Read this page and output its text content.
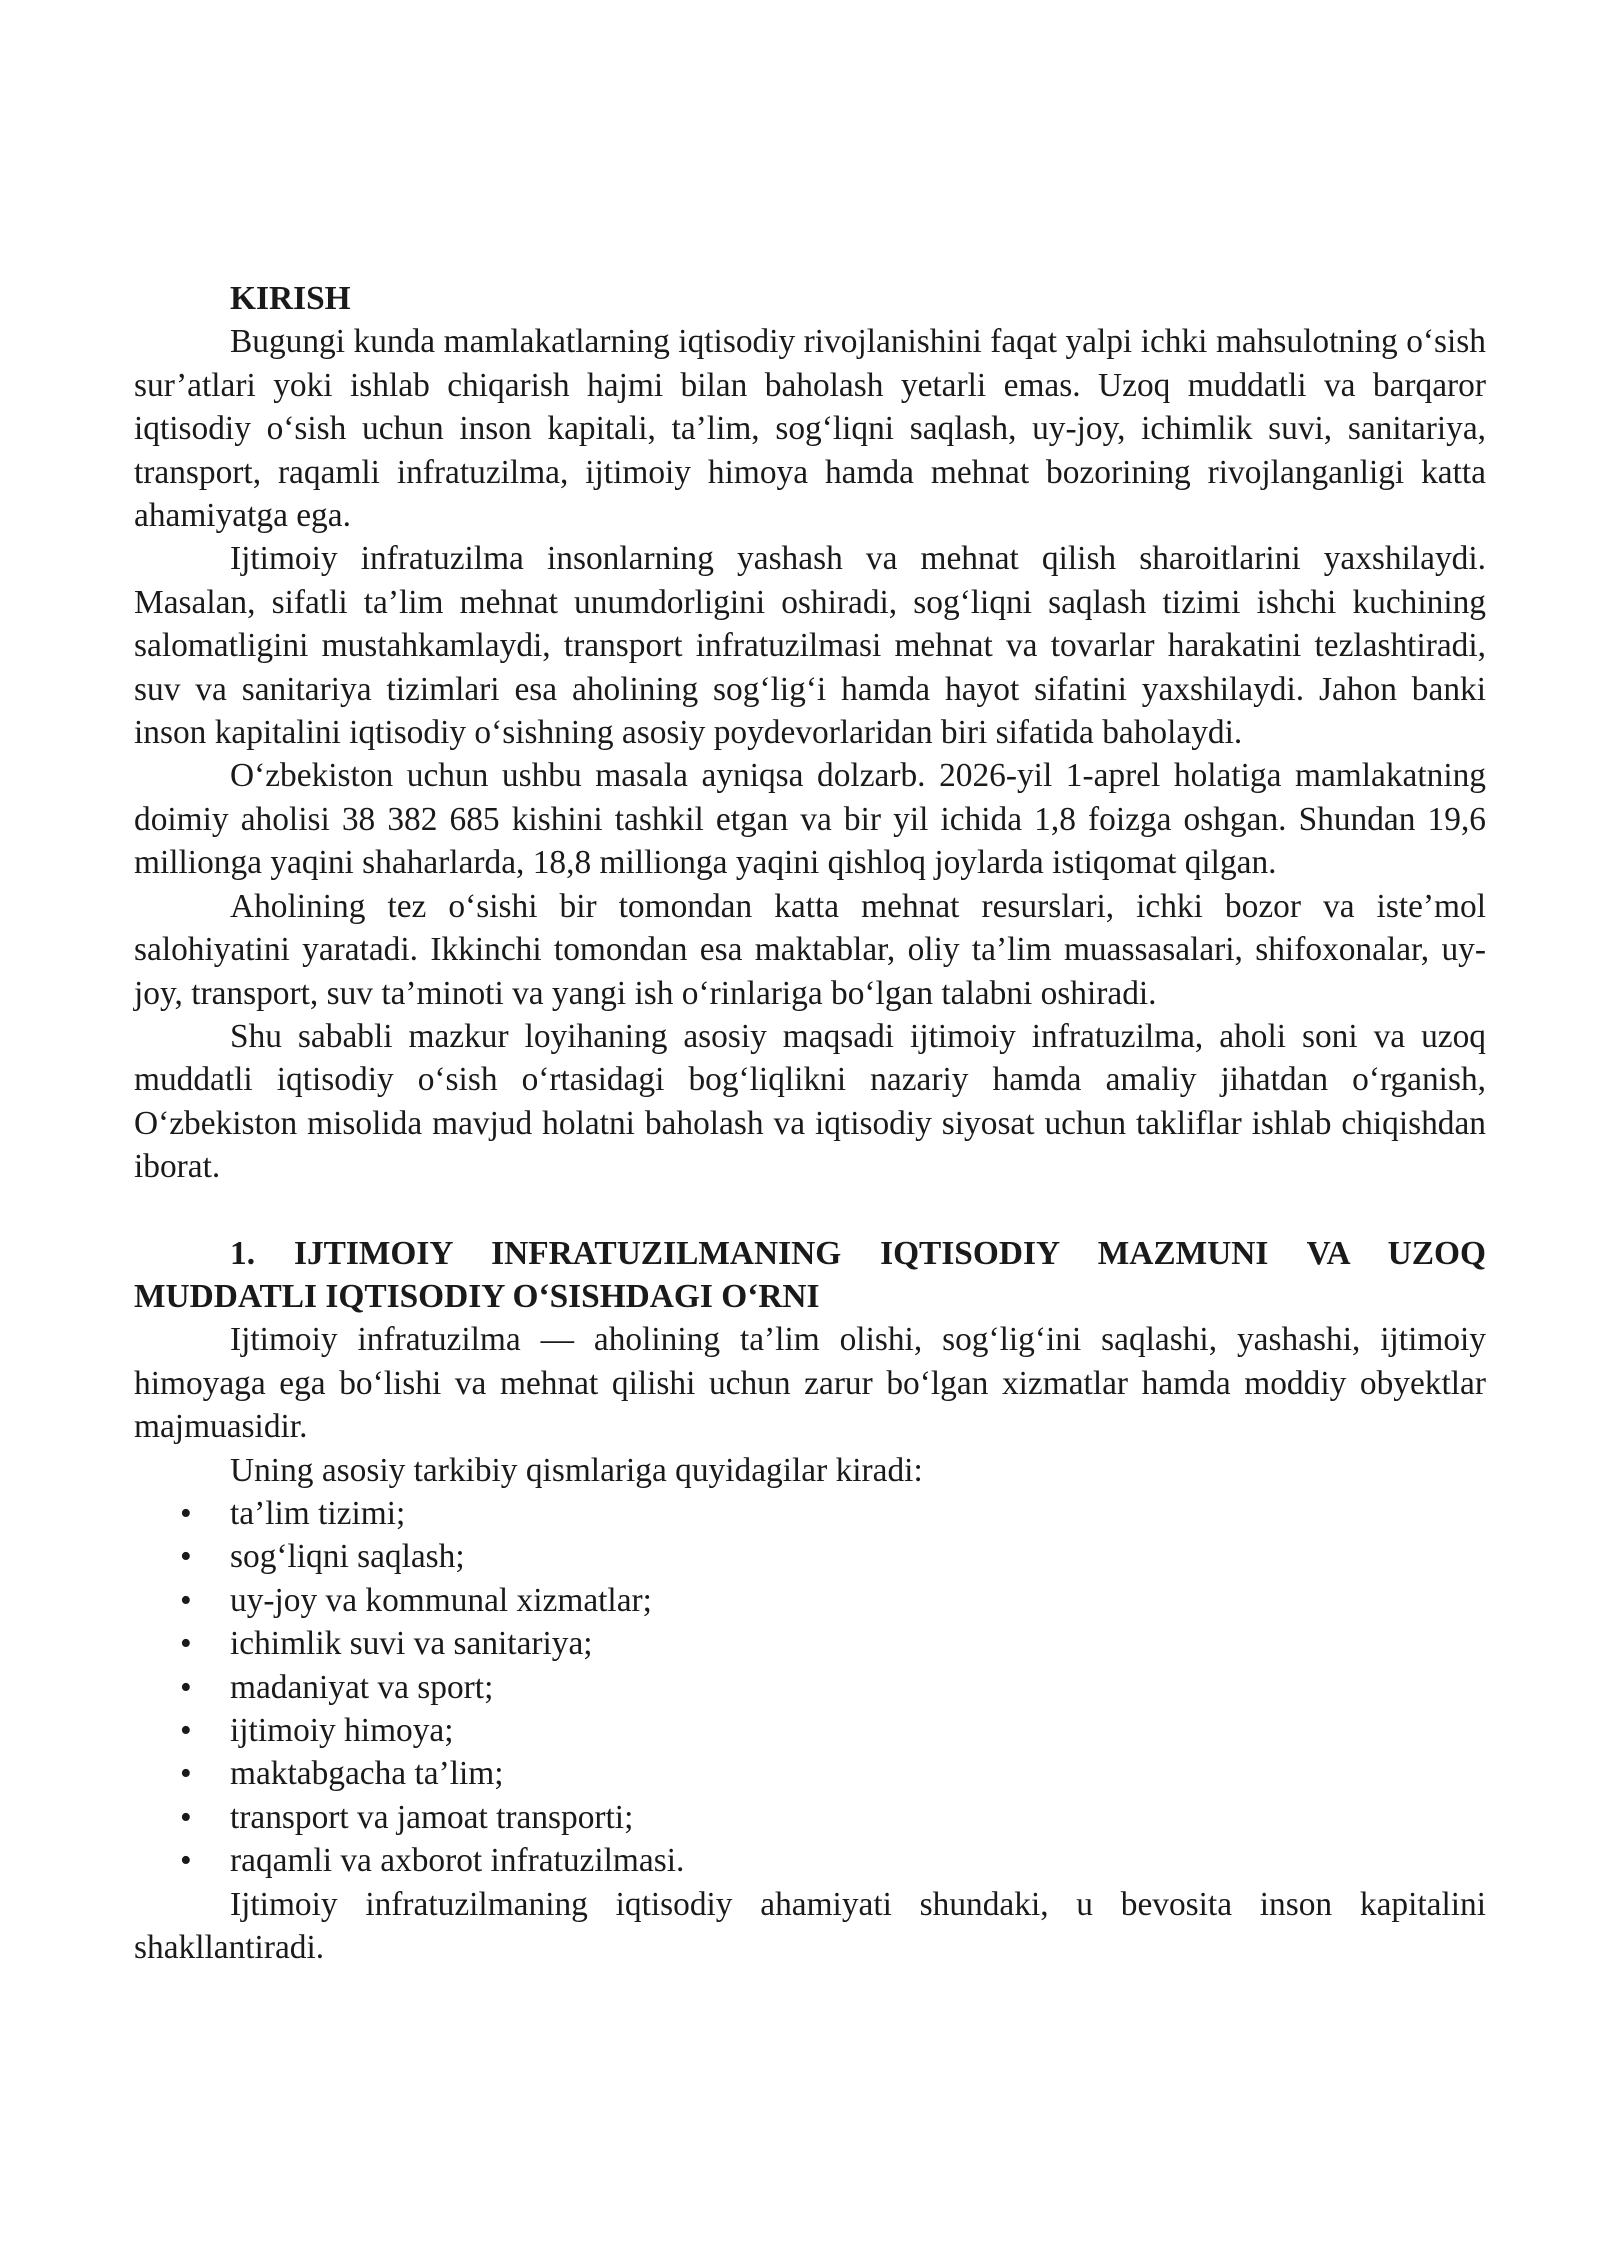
KIRISH

Bugungi kunda mamlakatlarning iqtisodiy rivojlanishini faqat yalpi ichki mahsulotning o‘sish sur’atlari yoki ishlab chiqarish hajmi bilan baholash yetarli emas. Uzoq muddatli va barqaror iqtisodiy o‘sish uchun inson kapitali, ta’lim, sog‘liqni saqlash, uy-joy, ichimlik suvi, sanitariya, transport, raqamli infratuzilma, ijtimoiy himoya hamda mehnat bozorining rivojlanganligi katta ahamiyatga ega.

Ijtimoiy infratuzilma insonlarning yashash va mehnat qilish sharoitlarini yaxshilaydi. Masalan, sifatli ta’lim mehnat unumdorligini oshiradi, sog‘liqni saqlash tizimi ishchi kuchining salomatligini mustahkamlaydi, transport infratuzilmasi mehnat va tovarlar harakatini tezlashtiradi, suv va sanitariya tizimlari esa aholining sog‘lig‘i hamda hayot sifatini yaxshilaydi. Jahon banki inson kapitalini iqtisodiy o‘sishning asosiy poydevorlaridan biri sifatida baholaydi.

O‘zbekiston uchun ushbu masala ayniqsa dolzarb. 2026-yil 1-aprel holatiga mamlakatning doimiy aholisi 38 382 685 kishini tashkil etgan va bir yil ichida 1,8 foizga oshgan. Shundan 19,6 millionga yaqini shaharlarda, 18,8 millionga yaqini qishloq joylarda istiqomat qilgan.

Aholining tez o‘sishi bir tomondan katta mehnat resurslari, ichki bozor va iste’mol salohiyatini yaratadi. Ikkinchi tomondan esa maktablar, oliy ta’lim muassasalari, shifoxonalar, uy-joy, transport, suv ta’minoti va yangi ish o‘rinlariga bo‘lgan talabni oshiradi.

Shu sababli mazkur loyihaning asosiy maqsadi ijtimoiy infratuzilma, aholi soni va uzoq muddatli iqtisodiy o‘sish o‘rtasidagi bog‘liqlikni nazariy hamda amaliy jihatdan o‘rganish, O‘zbekiston misolida mavjud holatni baholash va iqtisodiy siyosat uchun takliflar ishlab chiqishdan iborat.

1. IJTIMOIY INFRATUZILMANING IQTISODIY MAZMUNI VA UZOQ MUDDATLI IQTISODIY O‘SISHDAGI O‘RNI

Ijtimoiy infratuzilma — aholining ta’lim olishi, sog‘lig‘ini saqlashi, yashashi, ijtimoiy himoyaga ega bo‘lishi va mehnat qilishi uchun zarur bo‘lgan xizmatlar hamda moddiy obyektlar majmuasidir.

Uning asosiy tarkibiy qismlariga quyidagilar kiradi:

• ta’lim tizimi;
• sog‘liqni saqlash;
• uy-joy va kommunal xizmatlar;
• ichimlik suvi va sanitariya;
• madaniyat va sport;
• ijtimoiy himoya;
• maktabgacha ta’lim;
• transport va jamoat transporti;
• raqamli va axborot infratuzilmasi.

Ijtimoiy infratuzilmaning iqtisodiy ahamiyati shundaki, u bevosita inson kapitalini shakllantiradi.
